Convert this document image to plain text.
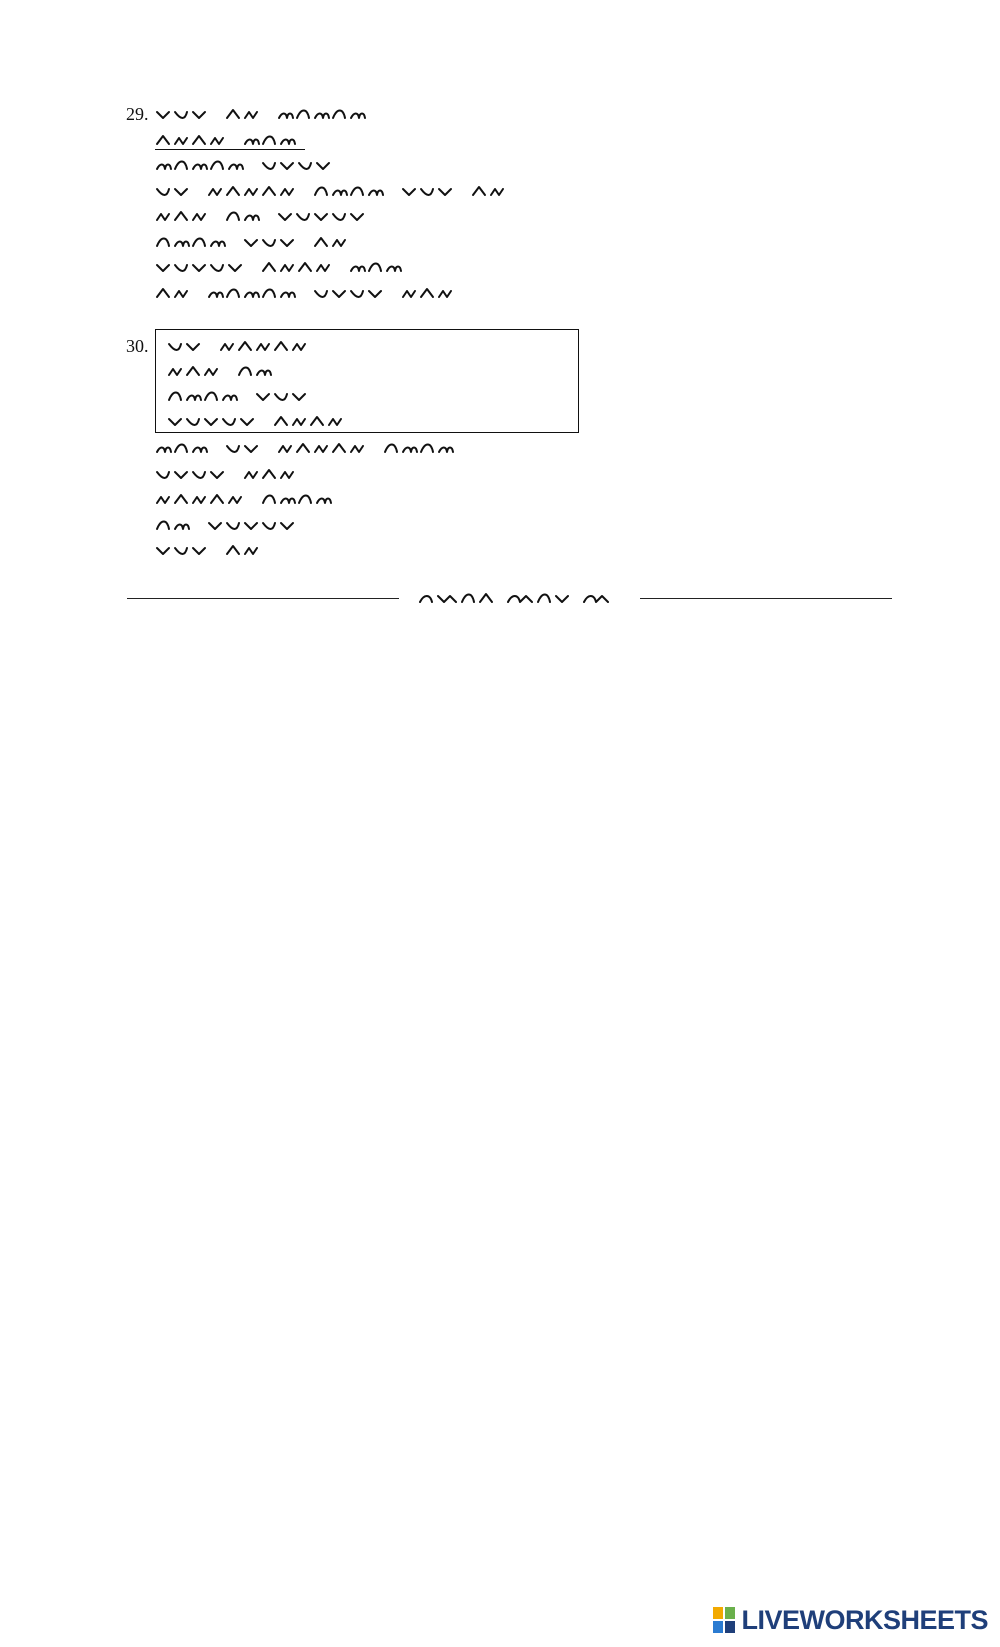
29.
30.
LIVEWORKSHEETS
